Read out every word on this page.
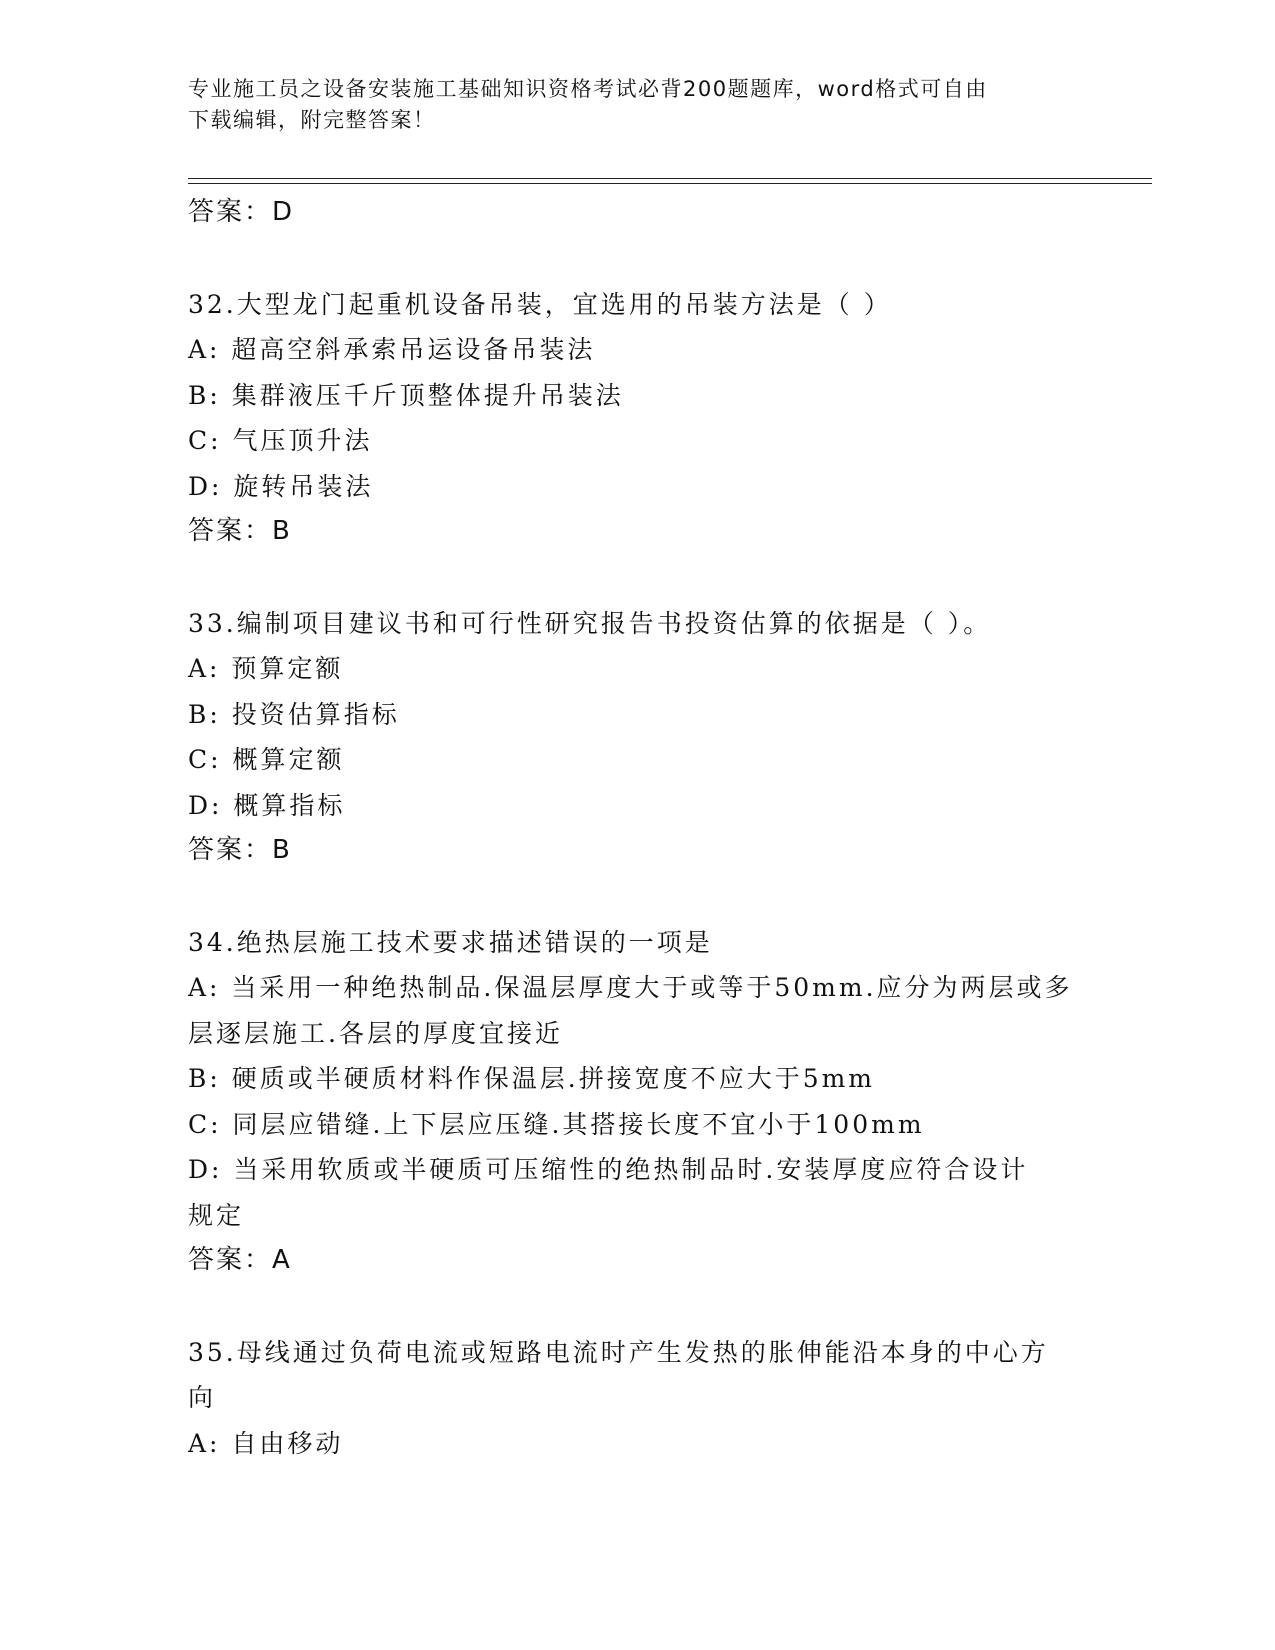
专业施工员之设备安装施工基础知识资格考试必背200题题库，word格式可自由
下载编辑，附完整答案！
答案：D
32.大型龙门起重机设备吊装，宜选用的吊装方法是（ ）
A: 超高空斜承索吊运设备吊装法
B: 集群液压千斤顶整体提升吊装法
C: 气压顶升法
D: 旋转吊装法
答案：B
33.编制项目建议书和可行性研究报告书投资估算的依据是（ ）。
A: 预算定额
B: 投资估算指标
C: 概算定额
D: 概算指标
答案：B
34.绝热层施工技术要求描述错误的一项是
A: 当采用一种绝热制品.保温层厚度大于或等于50mm.应分为两层或多
层逐层施工.各层的厚度宜接近
B: 硬质或半硬质材料作保温层.拼接宽度不应大于5mm
C: 同层应错缝.上下层应压缝.其搭接长度不宜小于100mm
D: 当采用软质或半硬质可压缩性的绝热制品时.安装厚度应符合设计
规定
答案：A
35.母线通过负荷电流或短路电流时产生发热的胀伸能沿本身的中心方
向
A: 自由移动
